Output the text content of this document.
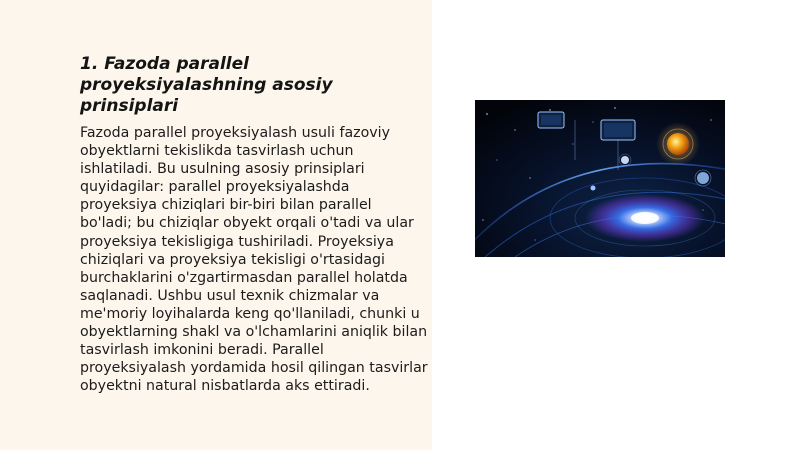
1. Fazoda parallel proyeksiyalashning asosiy prinsiplari

Fazoda parallel proyeksiyalash usuli fazoviy obyektlarni tekislikda tasvirlash uchun ishlatiladi. Bu usulning asosiy prinsiplari quyidagilar: parallel proyeksiyalashda proyeksiya chiziqlari bir-biri bilan parallel bo'ladi; bu chiziqlar obyekt orqali o'tadi va ular proyeksiya tekisligiga tushiriladi. Proyeksiya chiziqlari va proyeksiya tekisligi o'rtasidagi burchaklarini o'zgartirmasdan parallel holatda saqlanadi. Ushbu usul texnik chizmalar va me'moriy loyihalarda keng qo'llaniladi, chunki u obyektlarning shakl va o'lchamlarini aniqlik bilan tasvirlash imkonini beradi. Parallel proyeksiyalash yordamida hosil qilingan tasvirlar obyektni natural nisbatlarda aks ettiradi.
